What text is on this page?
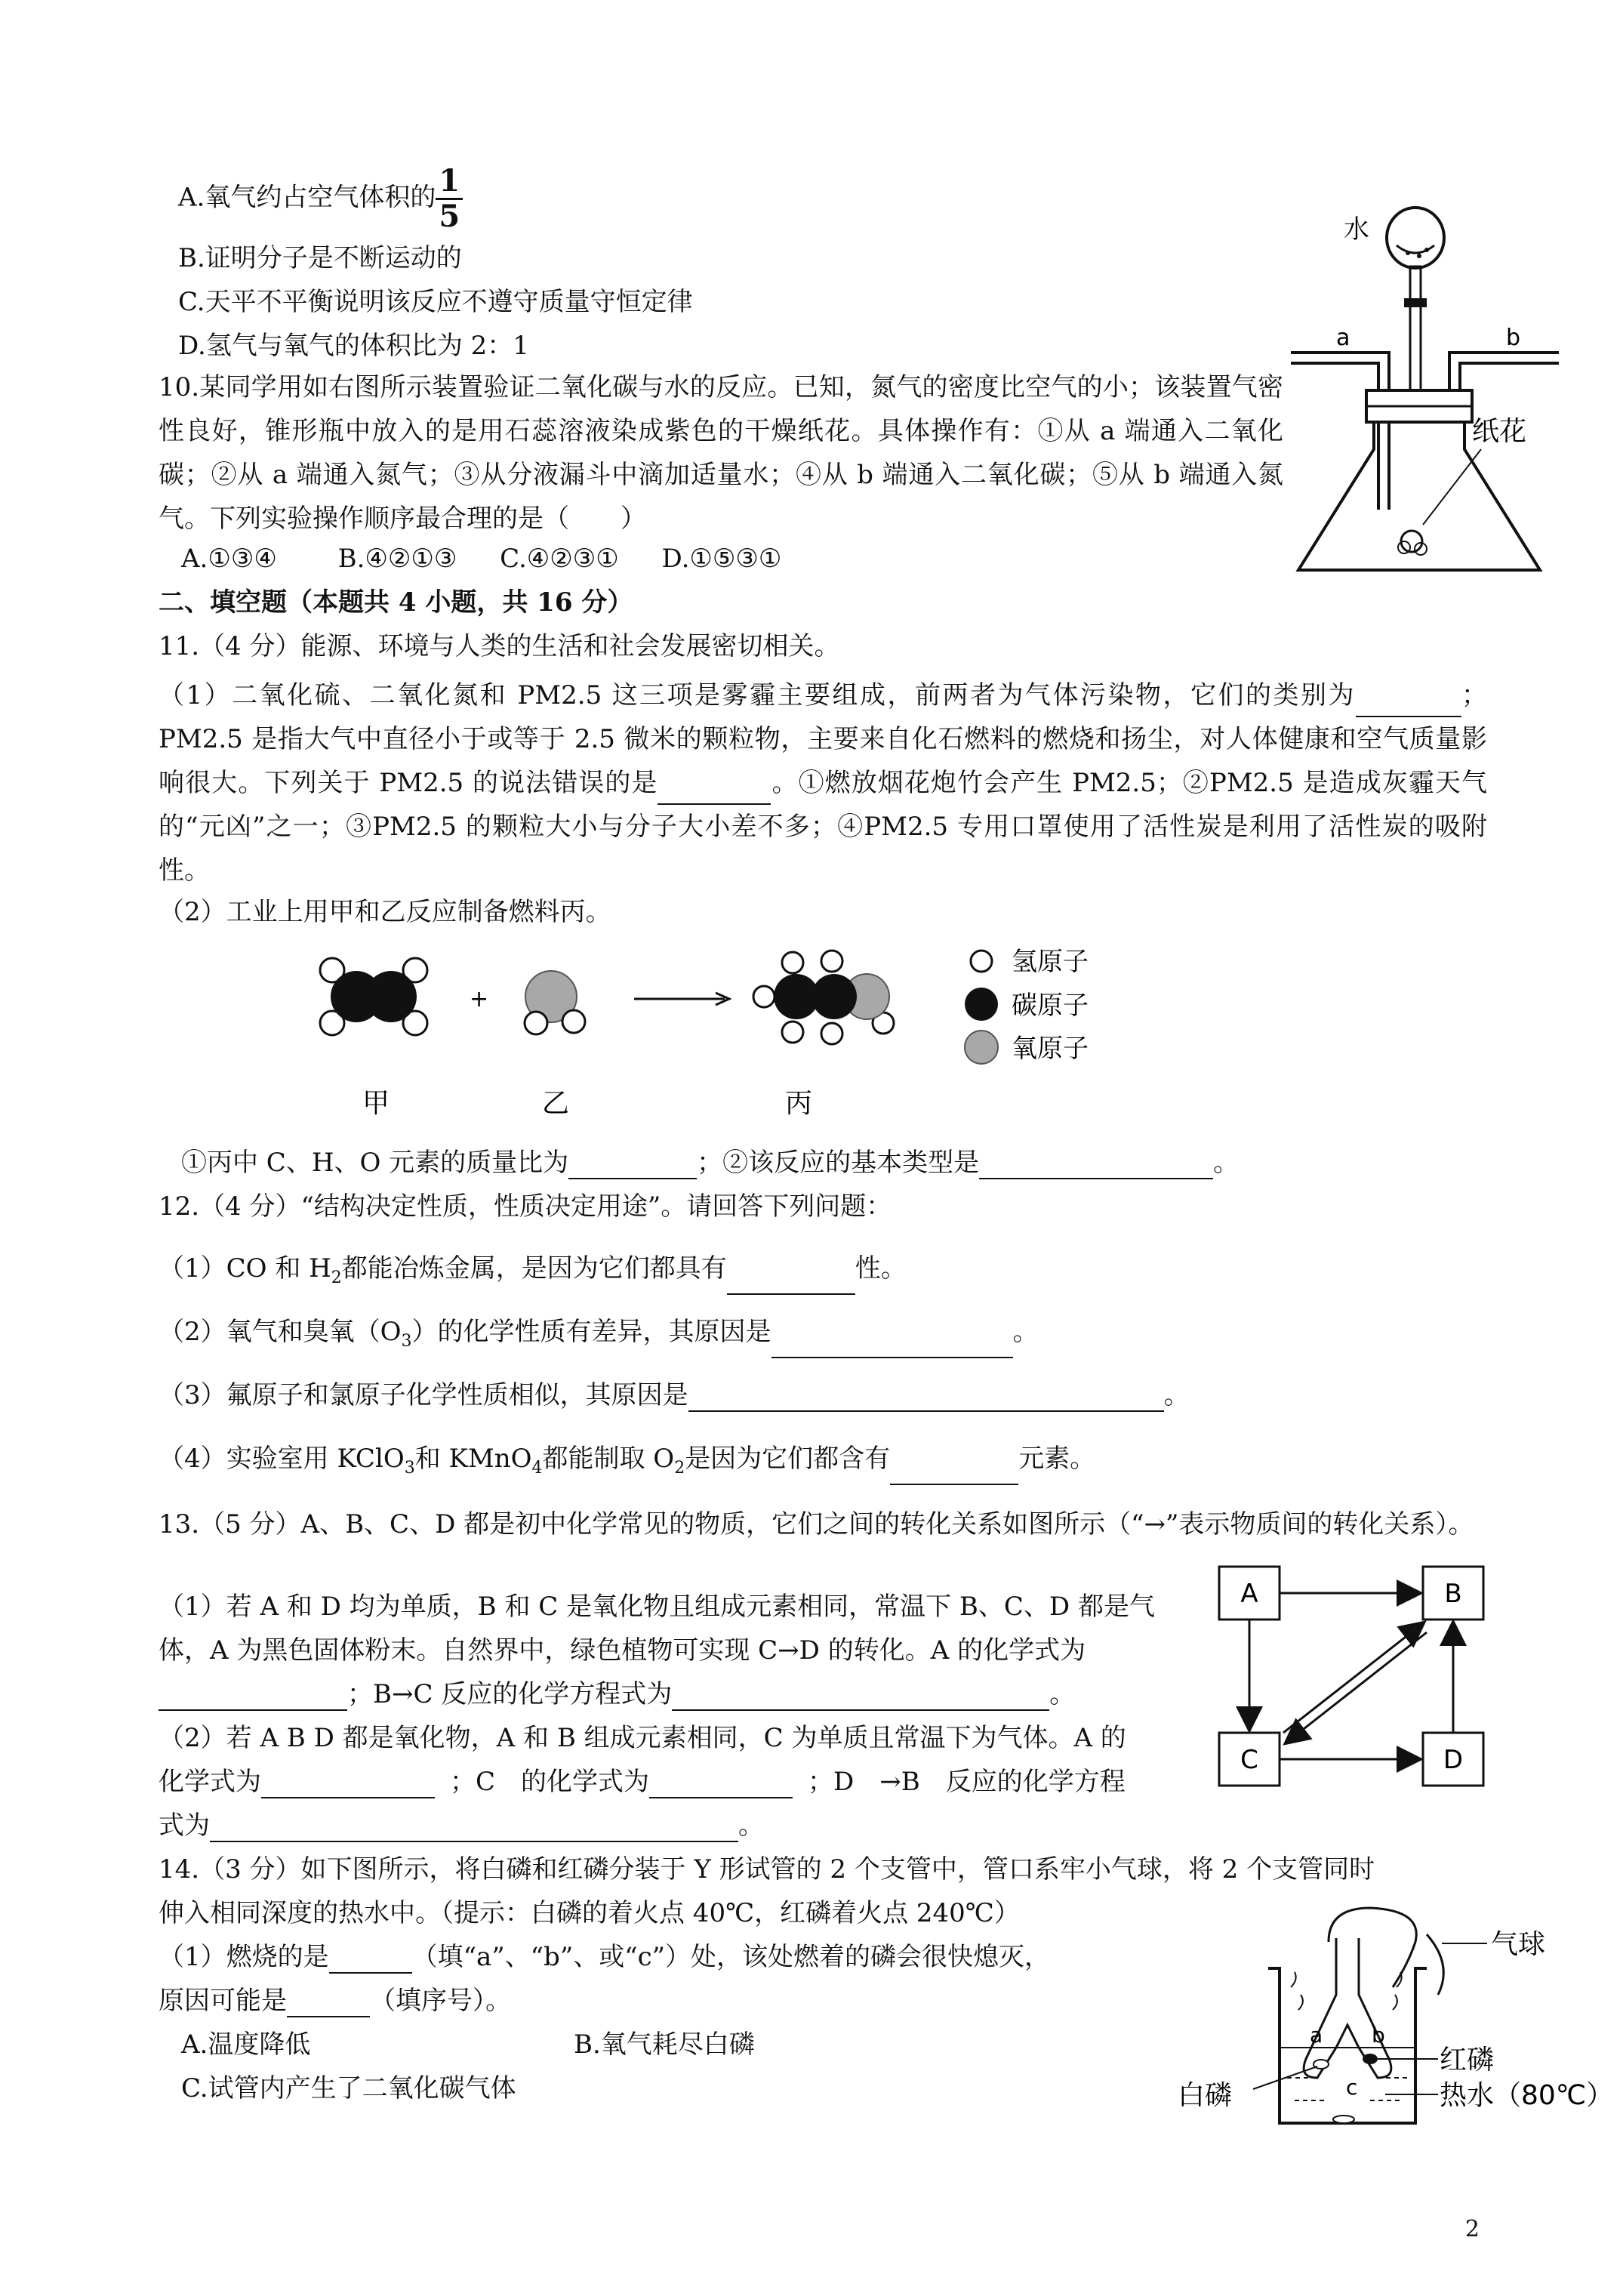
A.氧气约占空气体积的 $\frac{1}{5}$
B.证明分子是不断运动的
C.天平不平衡说明该反应不遵守质量守恒定律
D.氢气与氧气的体积比为 2：1
水
a	b
纸花
10.某同学用如右图所示装置验证二氧化碳与水的反应。已知，氮气的密度比空气的小；该装置气密性良好，锥形瓶中放入的是用石蕊溶液染成紫色的干燥纸花。具体操作有：①从 a 端通入二氧化碳；②从 a 端通入氮气；③从分液漏斗中滴加适量水；④从 b 端通入二氧化碳；⑤从 b 端通入氮气。下列实验操作顺序最合理的是（　　）
A.①③④ B.④②①③ C.④②③① D.①⑤③①
二、填空题（本题共 4 小题，共 16 分）
11.（4 分）能源、环境与人类的生活和社会发展密切相关。
（1）二氧化硫、二氧化氮和 PM2.5 这三项是雾霾主要组成，前两者为气体污染物，它们的类别为	；PM2.5 是指大气中直径小于或等于 2.5 微米的颗粒物，主要来自化石燃料的燃烧和扬尘，对人体健康和空气质量影响很大。下列关于 PM2.5 的说法错误的是	。①燃放烟花炮竹会产生 PM2.5；②PM2.5 是造成灰霾天气的“元凶”之一；③PM2.5 的颗粒大小与分子大小差不多；④PM2.5 专用口罩使用了活性炭是利用了活性炭的吸附性。
（2）工业上用甲和乙反应制备燃料丙。
+
氢原子
碳原子
氧原子
甲	乙	丙
①丙中 C、H、O 元素的质量比为	；②该反应的基本类型是	。
12.（4 分）“结构决定性质，性质决定用途”。请回答下列问题：
（1）CO 和 $H_2$都能冶炼金属，是因为它们都具有	性。
（2）氧气和臭氧$(O_3)$的化学性质有差异，其原因是	。
（3）氟原子和氯原子化学性质相似，其原因是	。
（4）实验室用 KClO$_3$和 KMnO$_4$都能制取 $O_2$是因为它们都含有	元素。
13.（5 分）A、B、C、D 都是初中化学常见的物质，它们之间的转化关系如图所示（“→”表示物质间的转化关系）。
（1）若 A 和 D 均为单质，B 和 C 是氧化物且组成元素相同，常温下 B、C、D 都是气
体，A 为黑色固体粉末。自然界中，绿色植物可实现 C→D 的转化。A 的化学式为
；B→C 反应的化学方程式为	。
（2）若 A B D 都是氧化物，A 和 B 组成元素相同，C 为单质且常温下为气体。A 的
化学式为	；C　的化学式为	；D　→B　反应的化学方程
式为	。
A	B
C	D
14.（3 分）如下图所示，将白磷和红磷分装于 Y 形试管的 2 个支管中，管口系牢小气球，将 2 个支管同时
伸入相同深度的热水中。（提示：白磷的着火点 40℃，红磷着火点 240℃）
（1）燃烧的是	（填“a”、“b”、或“c”）处，该处燃着的磷会很快熄灭，
原因可能是	（填序号）。
A.温度降低	B.氧气耗尽白磷
C.试管内产生了二氧化碳气体
气球
a b
c
红磷
白磷	热水（80℃）
2
